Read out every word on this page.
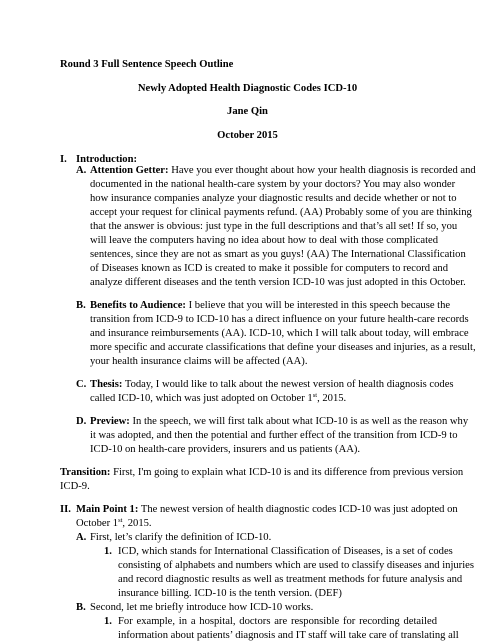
Round 3 Full Sentence Speech Outline
Newly Adopted Health Diagnostic Codes ICD-10
Jane Qin
October 2015
I. Introduction:
A. Attention Getter: Have you ever thought about how your health diagnosis is recorded and
documented in the national health-care system by your doctors? You may also wonder
how insurance companies analyze your diagnostic results and decide whether or not to
accept your request for clinical payments refund. (AA) Probably some of you are thinking
that the answer is obvious: just type in the full descriptions and that’s all set! If so, you
will leave the computers having no idea about how to deal with those complicated
sentences, since they are not as smart as you guys! (AA) The International Classification
of Diseases known as ICD is created to make it possible for computers to record and
analyze different diseases and the tenth version ICD-10 was just adopted in this October.
B. Benefits to Audience: I believe that you will be interested in this speech because the
transition from ICD-9 to ICD-10 has a direct influence on your future health-care records
and insurance reimbursements (AA). ICD-10, which I will talk about today, will embrace
more specific and accurate classifications that define your diseases and injuries, as a result,
your health insurance claims will be affected (AA).
C. Thesis: Today, I would like to talk about the newest version of health diagnosis codes
called ICD-10, which was just adopted on October 1st, 2015.
D. Preview: In the speech, we will first talk about what ICD-10 is as well as the reason why
it was adopted, and then the potential and further effect of the transition from ICD-9 to
ICD-10 on health-care providers, insurers and us patients (AA).
Transition: First, I'm going to explain what ICD-10 is and its difference from previous version
ICD-9.
II. Main Point 1: The newest version of health diagnostic codes ICD-10 was just adopted on
October 1st, 2015.
A. First, let’s clarify the definition of ICD-10.
1. ICD, which stands for International Classification of Diseases, is a set of codes
consisting of alphabets and numbers which are used to classify diseases and injuries
and record diagnostic results as well as treatment methods for future analysis and
insurance billing. ICD-10 is the tenth version. (DEF)
B. Second, let me briefly introduce how ICD-10 works.
1. For example, in a hospital, doctors are responsible for recording detailed
information about patients’ diagnosis and IT staff will take care of translating all
